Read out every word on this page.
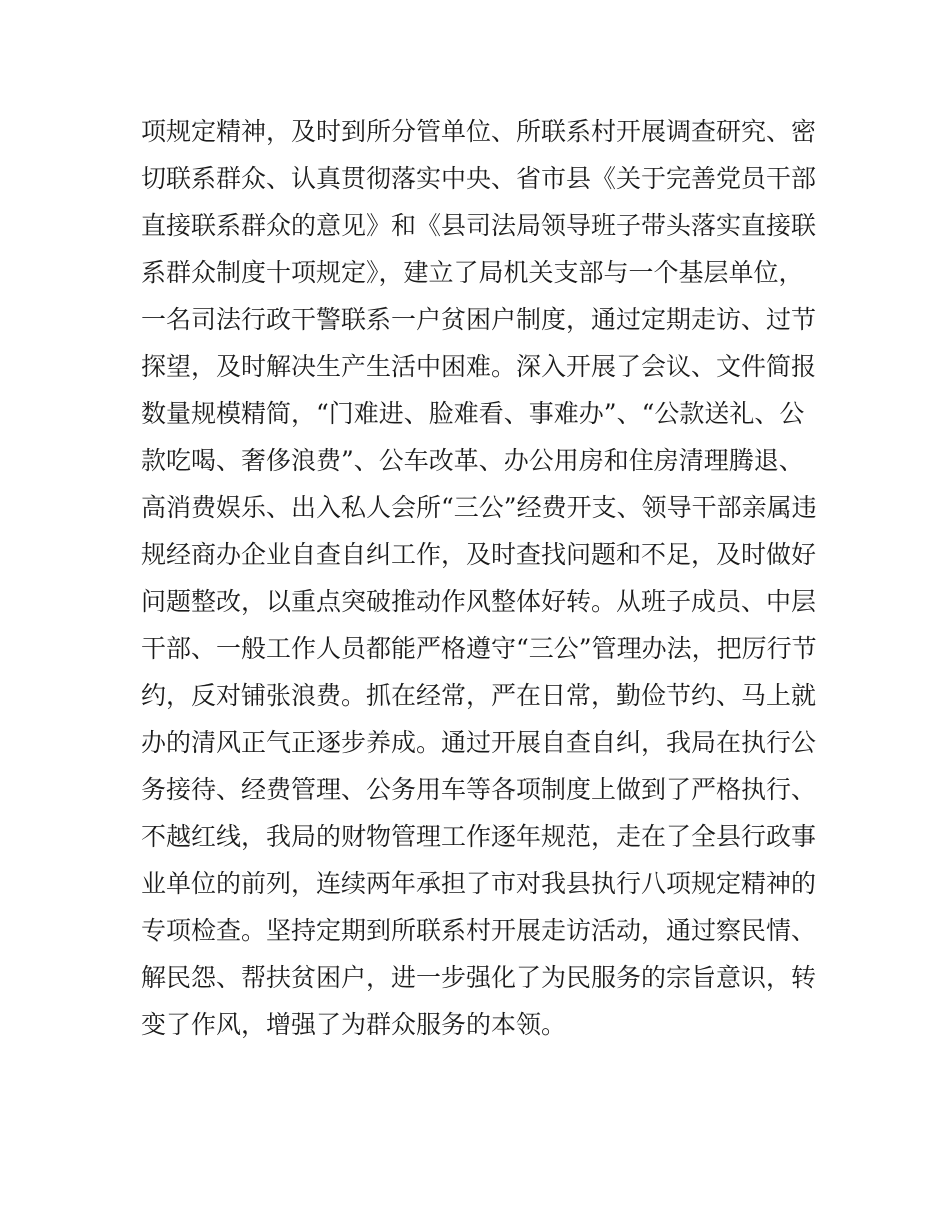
项规定精神，及时到所分管单位、所联系村开展调查研究、密
切联系群众、认真贯彻落实中央、省市县《关于完善党员干部
直接联系群众的意见》和《县司法局领导班子带头落实直接联
系群众制度十项规定》，建立了局机关支部与一个基层单位，
一名司法行政干警联系一户贫困户制度，通过定期走访、过节
探望，及时解决生产生活中困难。深入开展了会议、文件简报
数量规模精简，“门难进、脸难看、事难办”、“公款送礼、公
款吃喝、奢侈浪费”、公车改革、办公用房和住房清理腾退、
高消费娱乐、出入私人会所“三公”经费开支、领导干部亲属违
规经商办企业自查自纠工作，及时查找问题和不足，及时做好
问题整改，以重点突破推动作风整体好转。从班子成员、中层
干部、一般工作人员都能严格遵守“三公”管理办法，把厉行节
约，反对铺张浪费。抓在经常，严在日常，勤俭节约、马上就
办的清风正气正逐步养成。通过开展自查自纠，我局在执行公
务接待、经费管理、公务用车等各项制度上做到了严格执行、
不越红线，我局的财物管理工作逐年规范，走在了全县行政事
业单位的前列，连续两年承担了市对我县执行八项规定精神的
专项检查。坚持定期到所联系村开展走访活动，通过察民情、
解民怨、帮扶贫困户，进一步强化了为民服务的宗旨意识，转
变了作风，增强了为群众服务的本领。
